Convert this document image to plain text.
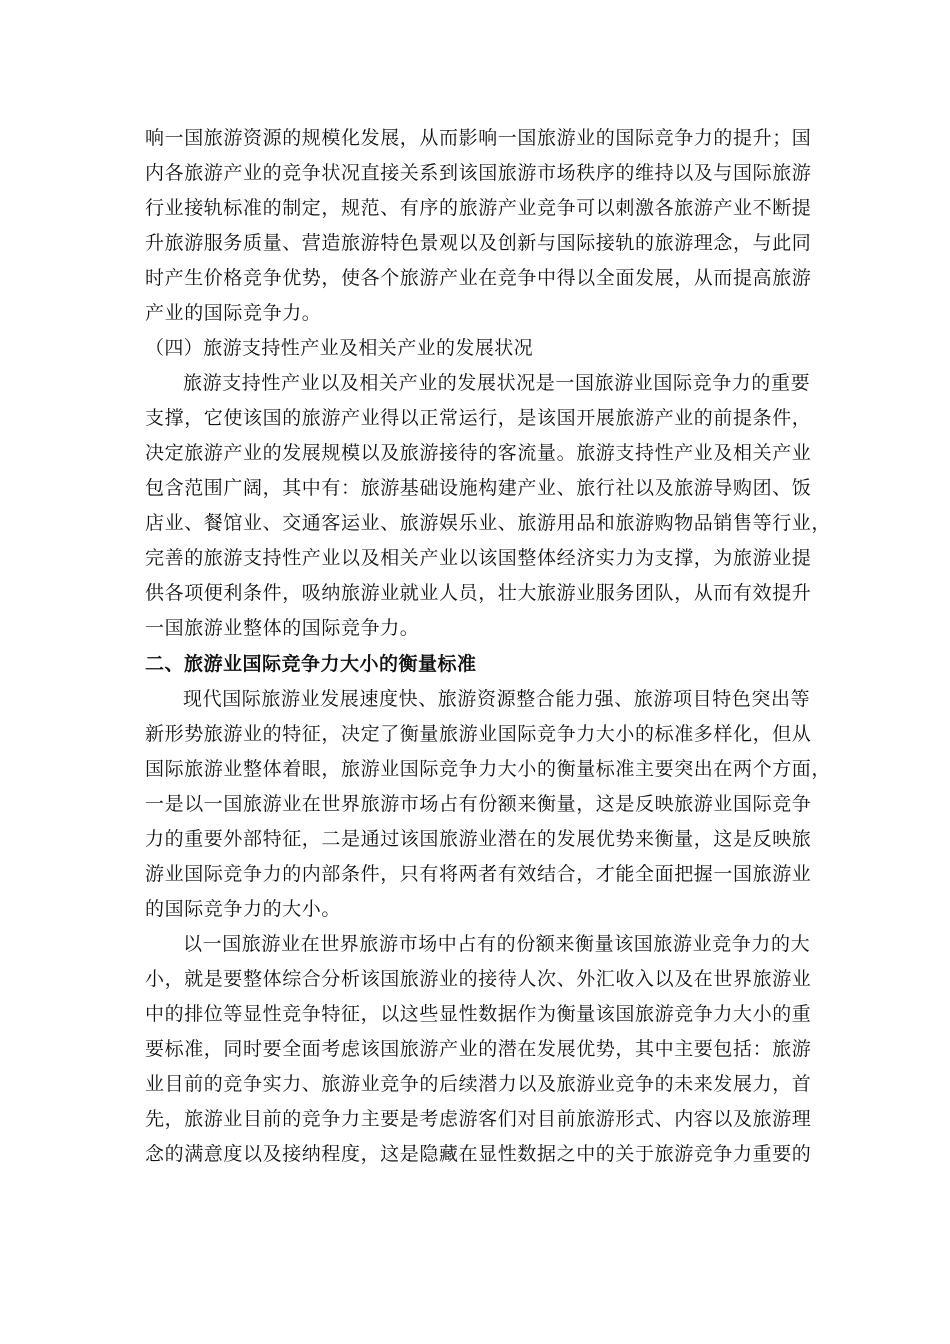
响一国旅游资源的规模化发展，从而影响一国旅游业的国际竞争力的提升；国
内各旅游产业的竞争状况直接关系到该国旅游市场秩序的维持以及与国际旅游
行业接轨标准的制定，规范、有序的旅游产业竞争可以刺激各旅游产业不断提
升旅游服务质量、营造旅游特色景观以及创新与国际接轨的旅游理念，与此同
时产生价格竞争优势，使各个旅游产业在竞争中得以全面发展，从而提高旅游
产业的国际竞争力。
（四）旅游支持性产业及相关产业的发展状况
旅游支持性产业以及相关产业的发展状况是一国旅游业国际竞争力的重要
支撑，它使该国的旅游产业得以正常运行，是该国开展旅游产业的前提条件，
决定旅游产业的发展规模以及旅游接待的客流量。旅游支持性产业及相关产业
包含范围广阔，其中有：旅游基础设施构建产业、旅行社以及旅游导购团、饭
店业、餐馆业、交通客运业、旅游娱乐业、旅游用品和旅游购物品销售等行业，
完善的旅游支持性产业以及相关产业以该国整体经济实力为支撑，为旅游业提
供各项便利条件，吸纳旅游业就业人员，壮大旅游业服务团队，从而有效提升
一国旅游业整体的国际竞争力。
二、旅游业国际竞争力大小的衡量标准
现代国际旅游业发展速度快、旅游资源整合能力强、旅游项目特色突出等
新形势旅游业的特征，决定了衡量旅游业国际竞争力大小的标准多样化，但从
国际旅游业整体着眼，旅游业国际竞争力大小的衡量标准主要突出在两个方面，
一是以一国旅游业在世界旅游市场占有份额来衡量，这是反映旅游业国际竞争
力的重要外部特征，二是通过该国旅游业潜在的发展优势来衡量，这是反映旅
游业国际竞争力的内部条件，只有将两者有效结合，才能全面把握一国旅游业
的国际竞争力的大小。
以一国旅游业在世界旅游市场中占有的份额来衡量该国旅游业竞争力的大
小，就是要整体综合分析该国旅游业的接待人次、外汇收入以及在世界旅游业
中的排位等显性竞争特征，以这些显性数据作为衡量该国旅游竞争力大小的重
要标准，同时要全面考虑该国旅游产业的潜在发展优势，其中主要包括：旅游
业目前的竞争实力、旅游业竞争的后续潜力以及旅游业竞争的未来发展力，首
先，旅游业目前的竞争力主要是考虑游客们对目前旅游形式、内容以及旅游理
念的满意度以及接纳程度，这是隐藏在显性数据之中的关于旅游竞争力重要的
